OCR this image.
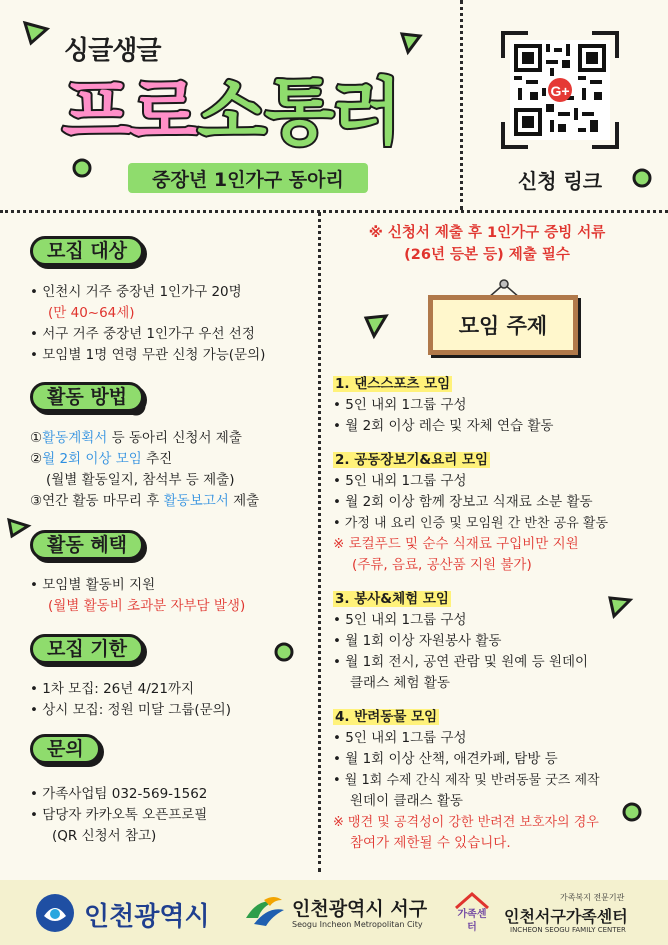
싱글생글
프로소통러
중장년 1인가구 동아리
G+
신청 링크
모집 대상
• 인천시 거주 중장년 1인가구 20명
(만 40~64세)
• 서구 거주 중장년 1인가구 우선 선정
• 모임별 1명 연령 무관 신청 가능(문의)
활동 방법
①활동계획서 등 동아리 신청서 제출
②월 2회 이상 모임 추진
(월별 활동일지, 참석부 등 제출)
③연간 활동 마무리 후 활동보고서 제출
활동 혜택
• 모임별 활동비 지원
(월별 활동비 초과분 자부담 발생)
모집 기한
• 1차 모집: 26년 4/21까지
• 상시 모집: 정원 미달 그룹(문의)
문의
• 가족사업팀 032-569-1562
• 담당자 카카오톡 오픈프로필
(QR 신청서 참고)
※ 신청서 제출 후 1인가구 증빙 서류
(26년 등본 등) 제출 필수
모임 주제
1. 댄스스포츠 모임
• 5인 내외 1그룹 구성
• 월 2회 이상 레슨 및 자체 연습 활동
2. 공동장보기&요리 모임
• 5인 내외 1그룹 구성
• 월 2회 이상 함께 장보고 식재료 소분 활동
• 가정 내 요리 인증 및 모임원 간 반찬 공유 활동
※ 로컬푸드 및 순수 식재료 구입비만 지원
(주류, 음료, 공산품 지원 불가)
3. 봉사&체험 모임
• 5인 내외 1그룹 구성
• 월 1회 이상 자원봉사 활동
• 월 1회 전시, 공연 관람 및 원예 등 원데이
클래스 체험 활동
4. 반려동물 모임
• 5인 내외 1그룹 구성
• 월 1회 이상 산책, 애견카페, 탐방 등
• 월 1회 수제 간식 제작 및 반려동물 굿즈 제작
원데이 클래스 활동
※ 맹견 및 공격성이 강한 반려견 보호자의 경우
참여가 제한될 수 있습니다.
인천광역시	인천광역시 서구
Seogu Incheon Metropolitan City
가족센터
가족복지 전문기관
인천서구가족센터
INCHEON SEOGU FAMILY CENTER
